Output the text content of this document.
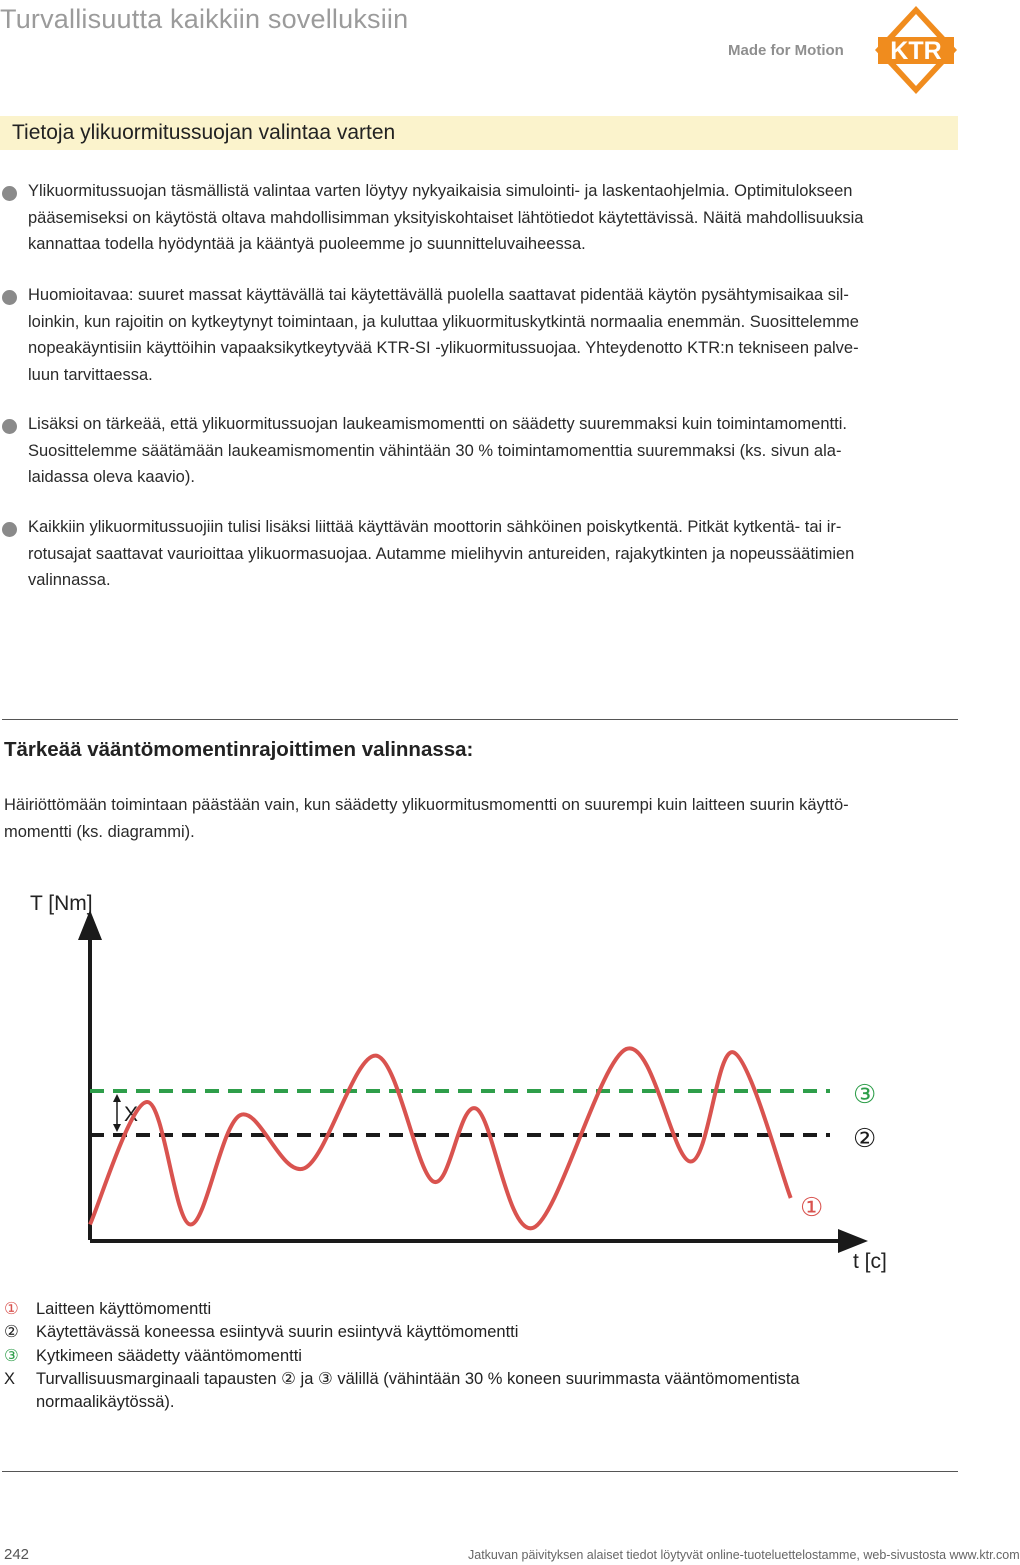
Turvallisuutta kaikkiin sovelluksiin
Made for Motion KTR
Tietoja ylikuormitussuojan valintaa varten

Ylikuormitussuojan täsmällistä valintaa varten löytyy nykyaikaisia simulointi- ja laskentaohjelmia. Optimitulokseen
pääsemiseksi on käytöstä oltava mahdollisimman yksityiskohtaiset lähtötiedot käytettävissä. Näitä mahdollisuuksia
kannattaa todella hyödyntää ja kääntyä puoleemme jo suunnitteluvaiheessa.

Huomioitavaa: suuret massat käyttävällä tai käytettävällä puolella saattavat pidentää käytön pysähtymisaikaa sil-
loinkin, kun rajoitin on kytkeytynyt toimintaan, ja kuluttaa ylikuormituskytkintä normaalia enemmän. Suosittelemme
nopeakäyntisiin käyttöihin vapaaksikytkeytyvää KTR-SI -ylikuormitussuojaa. Yhteydenotto KTR:n tekniseen palve-
luun tarvittaessa.

Lisäksi on tärkeää, että ylikuormitussuojan laukeamismomentti on säädetty suuremmaksi kuin toimintamomentti.
Suosittelemme säätämään laukeamismomentin vähintään 30 % toimintamomenttia suuremmaksi (ks. sivun ala-
laidassa oleva kaavio).

Kaikkiin ylikuormitussuojiin tulisi lisäksi liittää käyttävän moottorin sähköinen poiskytkentä. Pitkät kytkentä- tai ir-
rotusajat saattavat vaurioittaa ylikuormasuojaa. Autamme mielihyvin antureiden, rajakytkinten ja nopeussäätimien
valinnassa.

Tärkeää vääntömomentinrajoittimen valinnassa:

Häiriöttömään toimintaan päästään vain, kun säädetty ylikuormitusmomentti on suurempi kuin laitteen suurin käyttö-
momentti (ks. diagrammi).

T [Nm]
t [c]
X
③
②
①
①	Laitteen käyttömomentti
②	Käytettävässä koneessa esiintyvä suurin esiintyvä käyttömomentti
③	Kytkimeen säädetty vääntömomentti
X	Turvallisuusmarginaali tapausten ② ja ③ välillä (vähintään 30 % koneen suurimmasta vääntömomentista
normaalikäytössä).
242	Jatkuvan päivityksen alaiset tiedot löytyvät online-tuoteluettelostamme, web-sivustosta www.ktr.com
